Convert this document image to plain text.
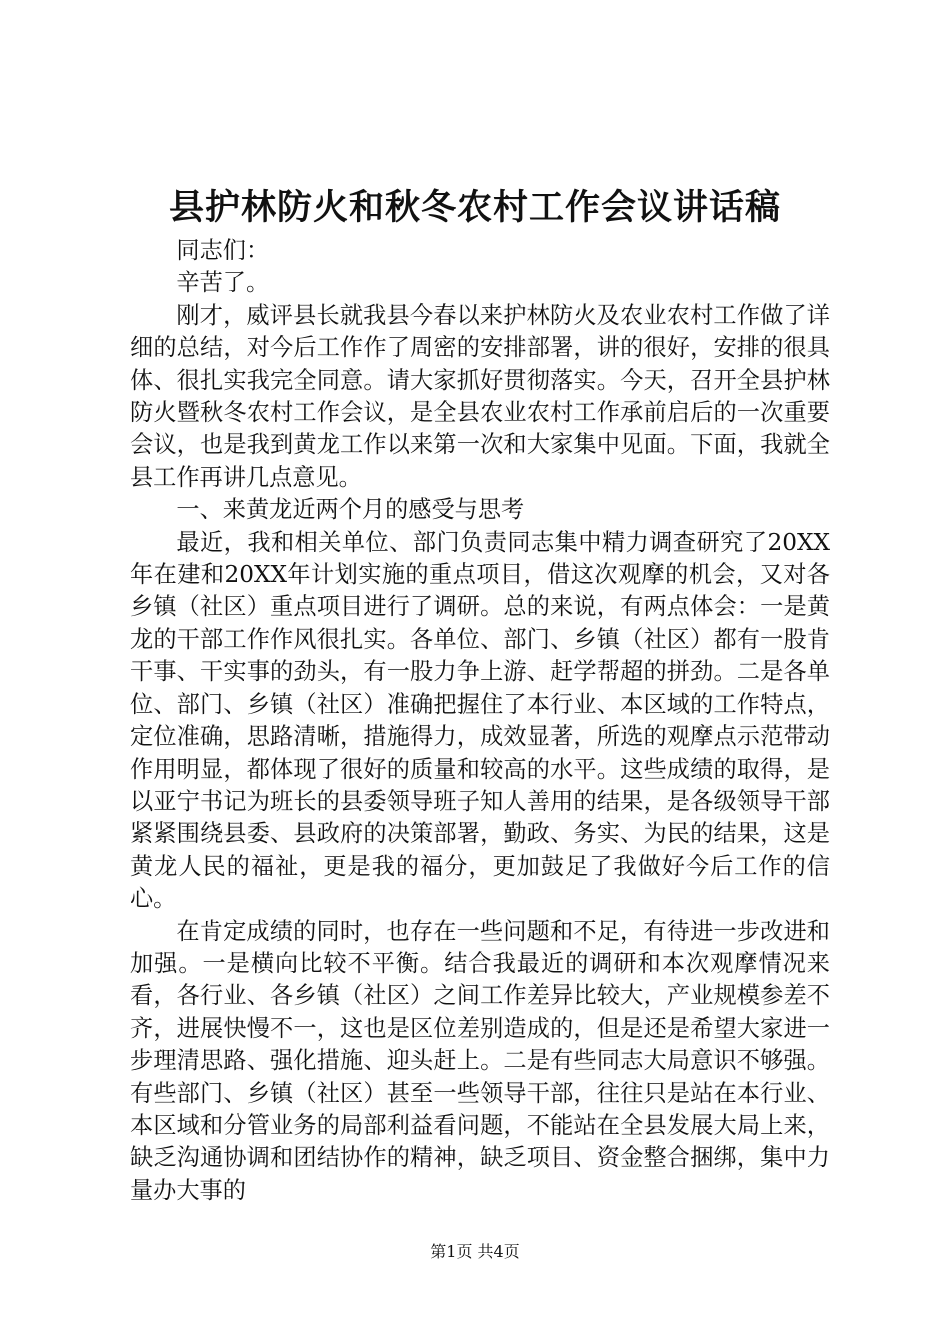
县护林防火和秋冬农村工作会议讲话稿

同志们：

辛苦了。

刚才，威评县长就我县今春以来护林防火及农业农村工作做了详细的总结，对今后工作作了周密的安排部署，讲的很好，安排的很具体、很扎实我完全同意。请大家抓好贯彻落实。今天，召开全县护林防火暨秋冬农村工作会议，是全县农业农村工作承前启后的一次重要会议，也是我到黄龙工作以来第一次和大家集中见面。下面，我就全县工作再讲几点意见。

一、来黄龙近两个月的感受与思考

最近，我和相关单位、部门负责同志集中精力调查研究了20XX年在建和20XX年计划实施的重点项目，借这次观摩的机会，又对各乡镇（社区）重点项目进行了调研。总的来说，有两点体会：一是黄龙的干部工作作风很扎实。各单位、部门、乡镇（社区）都有一股肯干事、干实事的劲头，有一股力争上游、赶学帮超的拼劲。二是各单位、部门、乡镇（社区）准确把握住了本行业、本区域的工作特点，定位准确，思路清晰，措施得力，成效显著，所选的观摩点示范带动作用明显，都体现了很好的质量和较高的水平。这些成绩的取得，是以亚宁书记为班长的县委领导班子知人善用的结果，是各级领导干部紧紧围绕县委、县政府的决策部署，勤政、务实、为民的结果，这是黄龙人民的福祉，更是我的福分，更加鼓足了我做好今后工作的信心。

在肯定成绩的同时，也存在一些问题和不足，有待进一步改进和加强。一是横向比较不平衡。结合我最近的调研和本次观摩情况来看，各行业、各乡镇（社区）之间工作差异比较大，产业规模参差不齐，进展快慢不一，这也是区位差别造成的，但是还是希望大家进一步理清思路、强化措施、迎头赶上。二是有些同志大局意识不够强。有些部门、乡镇（社区）甚至一些领导干部，往往只是站在本行业、本区域和分管业务的局部利益看问题，不能站在全县发展大局上来，缺乏沟通协调和团结协作的精神，缺乏项目、资金整合捆绑，集中力量办大事的

第1页 共4页
